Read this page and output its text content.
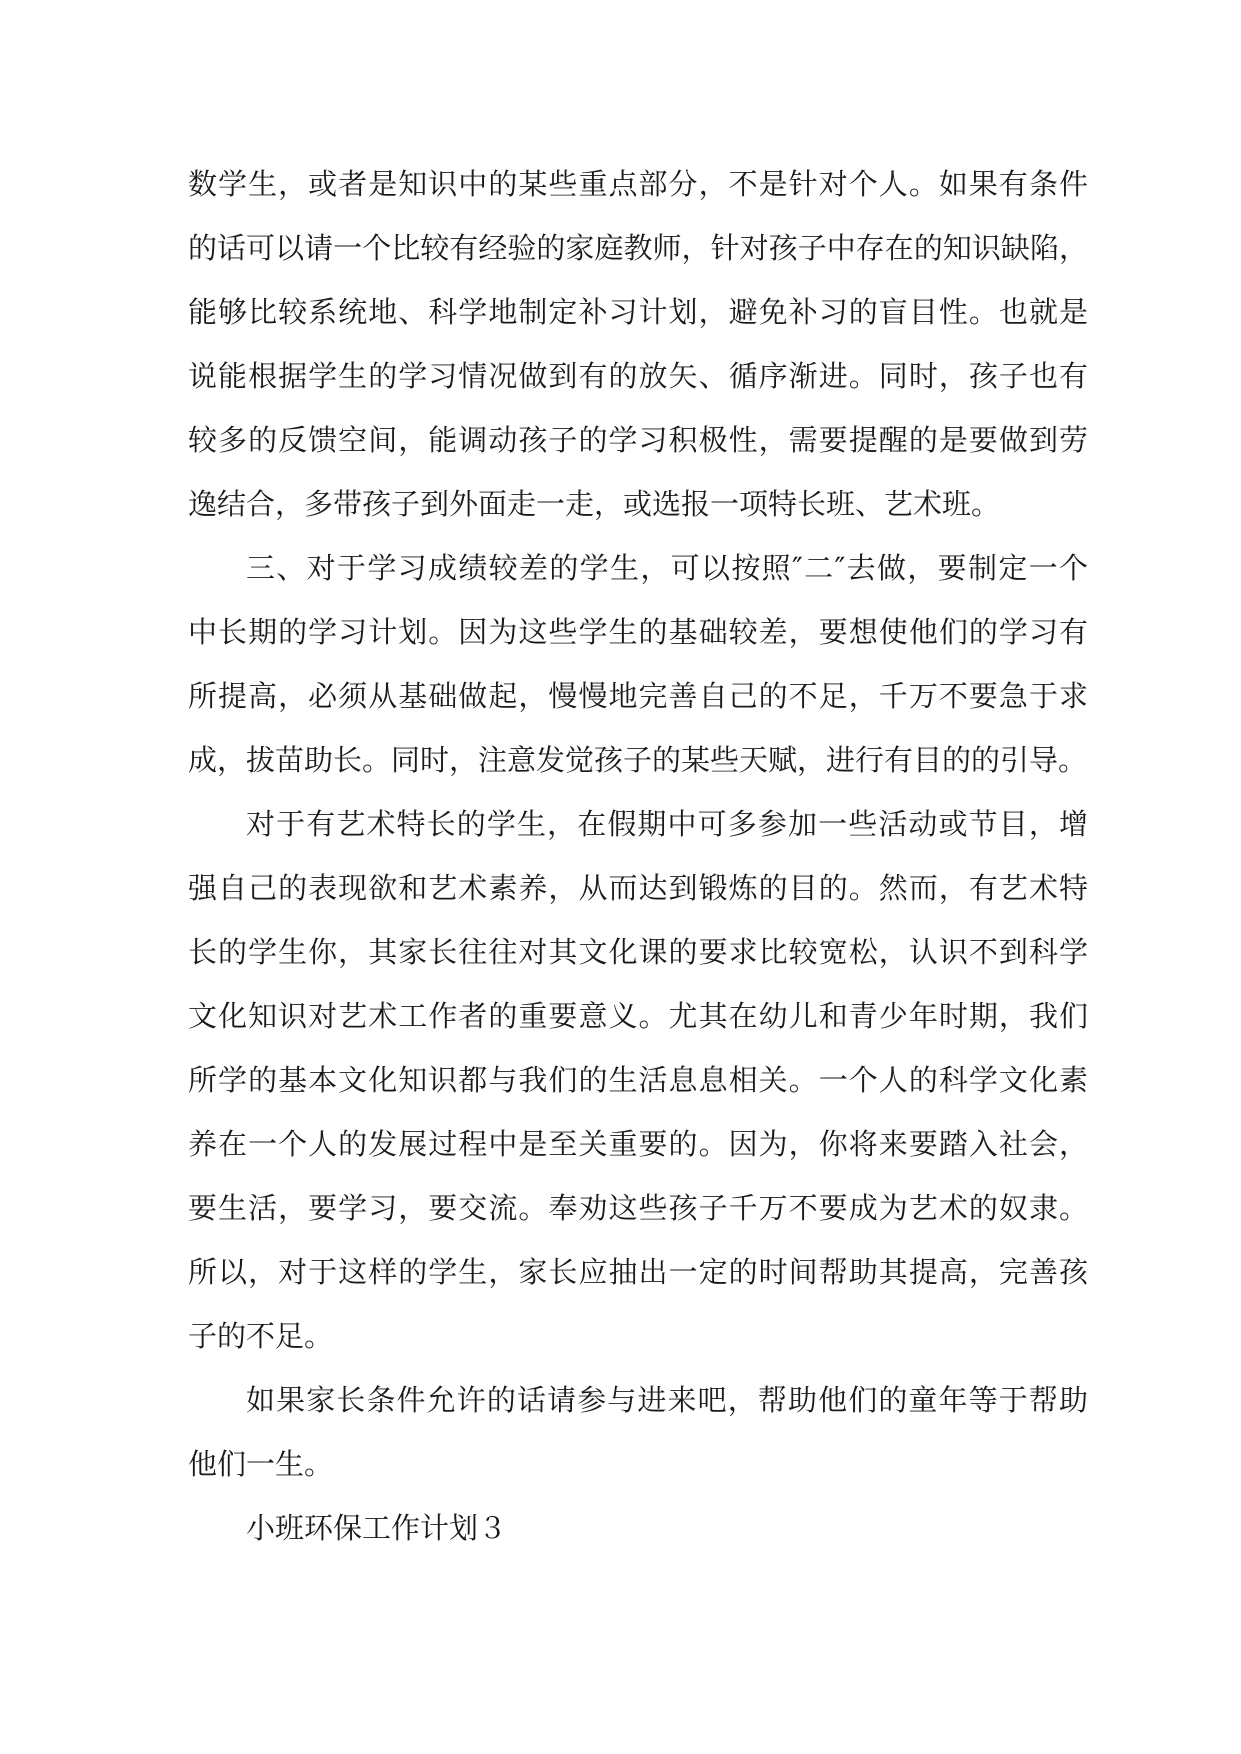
数学生，或者是知识中的某些重点部分，不是针对个人。如果有条件
的话可以请一个比较有经验的家庭教师，针对孩子中存在的知识缺陷，
能够比较系统地、科学地制定补习计划，避免补习的盲目性。也就是
说能根据学生的学习情况做到有的放矢、循序渐进。同时，孩子也有
较多的反馈空间，能调动孩子的学习积极性，需要提醒的是要做到劳
逸结合，多带孩子到外面走一走，或选报一项特长班、艺术班。
三、对于学习成绩较差的学生，可以按照″二″去做，要制定一个
中长期的学习计划。因为这些学生的基础较差，要想使他们的学习有
所提高，必须从基础做起，慢慢地完善自己的不足，千万不要急于求
成，拔苗助长。同时，注意发觉孩子的某些天赋，进行有目的的引导。
对于有艺术特长的学生，在假期中可多参加一些活动或节目，增
强自己的表现欲和艺术素养，从而达到锻炼的目的。然而，有艺术特
长的学生你，其家长往往对其文化课的要求比较宽松，认识不到科学
文化知识对艺术工作者的重要意义。尤其在幼儿和青少年时期，我们
所学的基本文化知识都与我们的生活息息相关。一个人的科学文化素
养在一个人的发展过程中是至关重要的。因为，你将来要踏入社会，
要生活，要学习，要交流。奉劝这些孩子千万不要成为艺术的奴隶。
所以，对于这样的学生，家长应抽出一定的时间帮助其提高，完善孩
子的不足。
如果家长条件允许的话请参与进来吧，帮助他们的童年等于帮助
他们一生。
小班环保工作计划３
